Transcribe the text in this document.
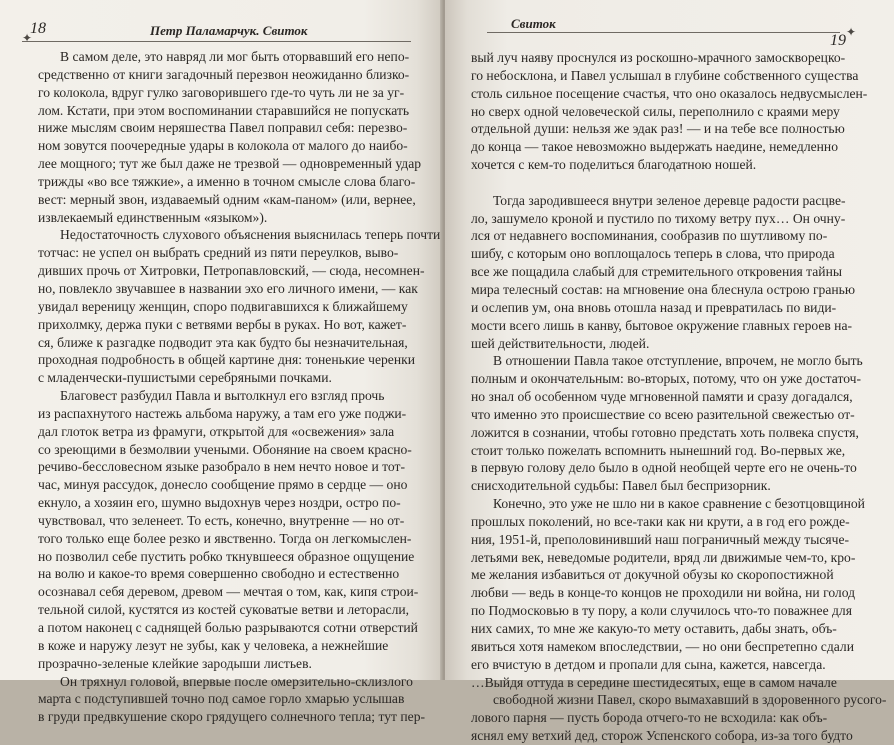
18	Петр Паламарчук. Свиток
✦
В самом деле, это навряд ли мог быть оторвавший его непо-
средственно от книги загадочный перезвон неожиданно близко-
го колокола, вдруг гулко заговорившего где-то чуть ли не за уг-
лом. Кстати, при этом воспоминании старавшийся не попускать
ниже мыслям своим неряшества Павел поправил себя: перезво-
ном зовутся поочередные удары в колокола от малого до наибо-
лее мощного; тут же был даже не трезвой — одновременный удар
трижды «во все тяжкие», а именно в точном смысле слова благо-
вест: мерный звон, издаваемый одним «кам-паном» (или, вернее,
извлекаемый единственным «языком»).
Недостаточность слухового объяснения выяснилась теперь почти
тотчас: не успел он выбрать средний из пяти переулков, выво-
дивших прочь от Хитровки, Петропавловский, — сюда, несомнен-
но, повлекло звучавшее в названии эхо его личного имени, — как
увидал вереницу женщин, споро подвигавшихся к ближайшему
прихолмку, держа пуки с ветвями вербы в руках. Но вот, кажет-
ся, ближе к разгадке подводит эта как будто бы незначительная,
проходная подробность в общей картине дня: тоненькие черенки
с младенчески-пушистыми серебряными почками.
Благовест разбудил Павла и вытолкнул его взгляд прочь
из распахнутого настежь альбома наружу, а там его уже поджи-
дал глоток ветра из фрамуги, открытой для «освежения» зала
со зреющими в безмолвии учеными. Обоняние на своем красно-
речиво-бессловесном языке разобрало в нем нечто новое и тот-
час, минуя рассудок, донесло сообщение прямо в сердце — оно
екнуло, а хозяин его, шумно выдохнув через ноздри, остро по-
чувствовал, что зеленеет. То есть, конечно, внутренне — но от-
того только еще более резко и явственно. Тогда он легкомыслен-
но позволил себе пустить робко ткнувшееся образное ощущение
на волю и какое-то время совершенно свободно и естественно
осознавал себя деревом, древом — мечтая о том, как, кипя строи-
тельной силой, кустятся из костей суковатые ветви и леторасли,
а потом наконец с саднящей болью разрываются сотни отверстий
в коже и наружу лезут не зубы, как у человека, а нежнейшие
прозрачно-зеленые клейкие зародыши листьев.
Он тряхнул головой, впервые после омерзительно-склизлого
марта с подступившей точно под самое горло хмарью услышав
в груди предвкушение скоро грядущего солнечного тепла; тут пер-
Свиток
19 ✦
вый луч наяву проснулся из роскошно-мрачного замоскворецко-
го небосклона, и Павел услышал в глубине собственного существа
столь сильное посещение счастья, что оно оказалось недвусмыслен-
но сверх одной человеческой силы, переполнило с краями меру
отдельной души: нельзя же эдак раз! — и на тебе все полностью
до конца — такое невозможно выдержать наедине, немедленно
хочется с кем-то поделиться благодатною ношей.
Тогда зародившееся внутри зеленое деревце радости расцве-
ло, зашумело кроной и пустило по тихому ветру пух… Он очну-
лся от недавнего воспоминания, сообразив по шутливому по-
шибу, с которым оно воплощалось теперь в слова, что природа
все же пощадила слабый для стремительного откровения тайны
мира телесный состав: на мгновение она блеснула острою гранью
и ослепив ум, она вновь отошла назад и превратилась по види-
мости всего лишь в канву, бытовое окружение главных героев на-
шей действительности, людей.
В отношении Павла такое отступление, впрочем, не могло быть
полным и окончательным: во-вторых, потому, что он уже достаточ-
но знал об особенном чуде мгновенной памяти и сразу догадался,
что именно это происшествие со всею разительной свежестью от-
ложится в сознании, чтобы готовно предстать хоть полвека спустя,
стоит только пожелать вспомнить нынешний год. Во-первых же,
в первую голову дело было в одной необщей черте его не очень-то
снисходительной судьбы: Павел был беспризорник.
Конечно, это уже не шло ни в какое сравнение с безотцовщиной
прошлых поколений, но все-таки как ни крути, а в год его рожде-
ния, 1951-й, преполовинивший наш пограничный между тысяче-
летьями век, неведомые родители, вряд ли движимые чем-то, кро-
ме желания избавиться от докучной обузы ко скоропостижной
любви — ведь в конце-то концов не проходили ни война, ни голод
по Подмосковью в ту пору, а коли случилось что-то поважнее для
них самих, то мне же какую-то мету оставить, дабы знать, объ-
явиться хотя намеком впоследствии, — но они беспретепно сдали
его вчистую в детдом и пропали для сына, кажется, навсегда.
…Выйдя оттуда в середине шестидесятых, еще в самом начале
свободной жизни Павел, скоро вымахавший в здоровенного русого-
лового парня — пусть борода отчего-то не всходила: как объ-
яснял ему ветхий дед, сторож Успенского собора, из-за того будто
